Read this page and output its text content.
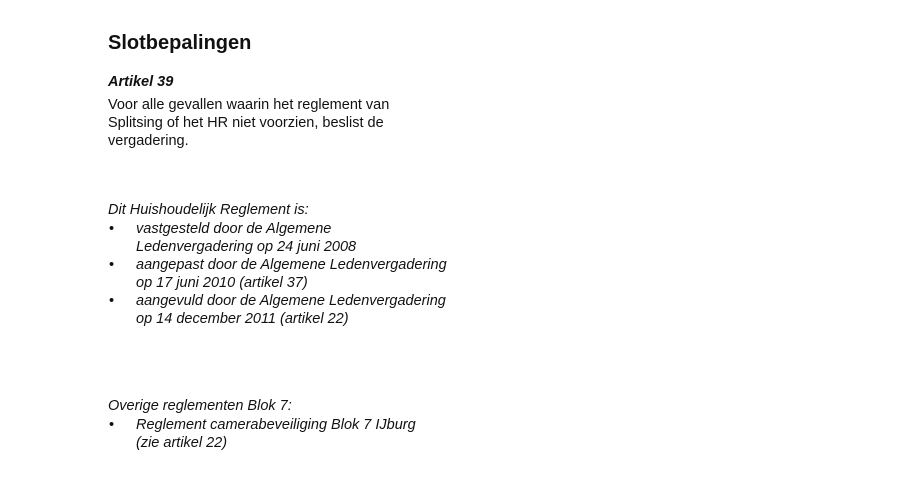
Slotbepalingen

Artikel 39

Voor alle gevallen waarin het reglement van Splitsing of het HR niet voorzien, beslist de vergadering.

Dit Huishoudelijk Reglement is:

• vastgesteld door de Algemene Ledenvergadering op 24 juni 2008
• aangepast door de Algemene Ledenvergadering op 17 juni 2010 (artikel 37)
• aangevuld door de Algemene Ledenvergadering op 14 december 2011 (artikel 22)

Overige reglementen Blok 7:

• Reglement camerabeveiliging Blok 7 IJburg (zie artikel 22)
